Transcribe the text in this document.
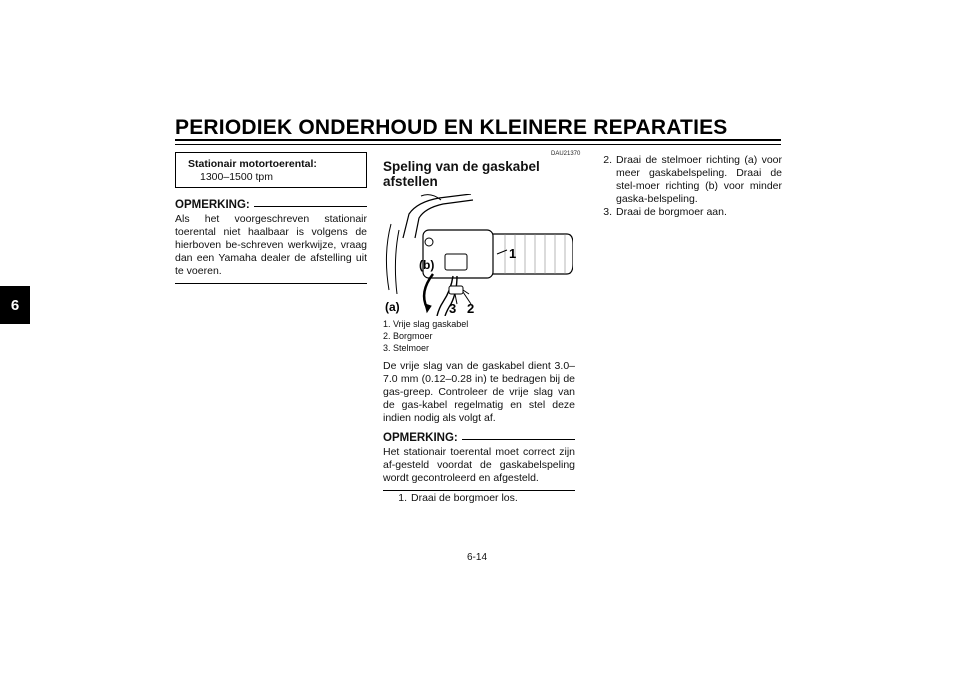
PERIODIEK ONDERHOUD EN KLEINERE REPARATIES
6
Stationair motortoerental:
1300–1500 tpm
OPMERKING:
Als het voorgeschreven stationair toerental niet haalbaar is volgens de hierboven be-schreven werkwijze, vraag dan een Yamaha dealer de afstelling uit te voeren.
DAU21370
Speling van de gaskabel
afstellen
1
(b)
(a)	3 2
1. Vrije slag gaskabel
2. Borgmoer
3. Stelmoer
De vrije slag van de gaskabel dient 3.0–7.0 mm (0.12–0.28 in) te bedragen bij de gas-greep. Controleer de vrije slag van de gas-kabel regelmatig en stel deze indien nodig als volgt af.
OPMERKING:
Het stationair toerental moet correct zijn af-gesteld voordat de gaskabelspeling wordt gecontroleerd en afgesteld.
1. Draai de borgmoer los.
2. Draai de stelmoer richting (a) voor meer gaskabelspeling. Draai de stel-moer richting (b) voor minder gaska-belspeling.
3. Draai de borgmoer aan.
6-14
